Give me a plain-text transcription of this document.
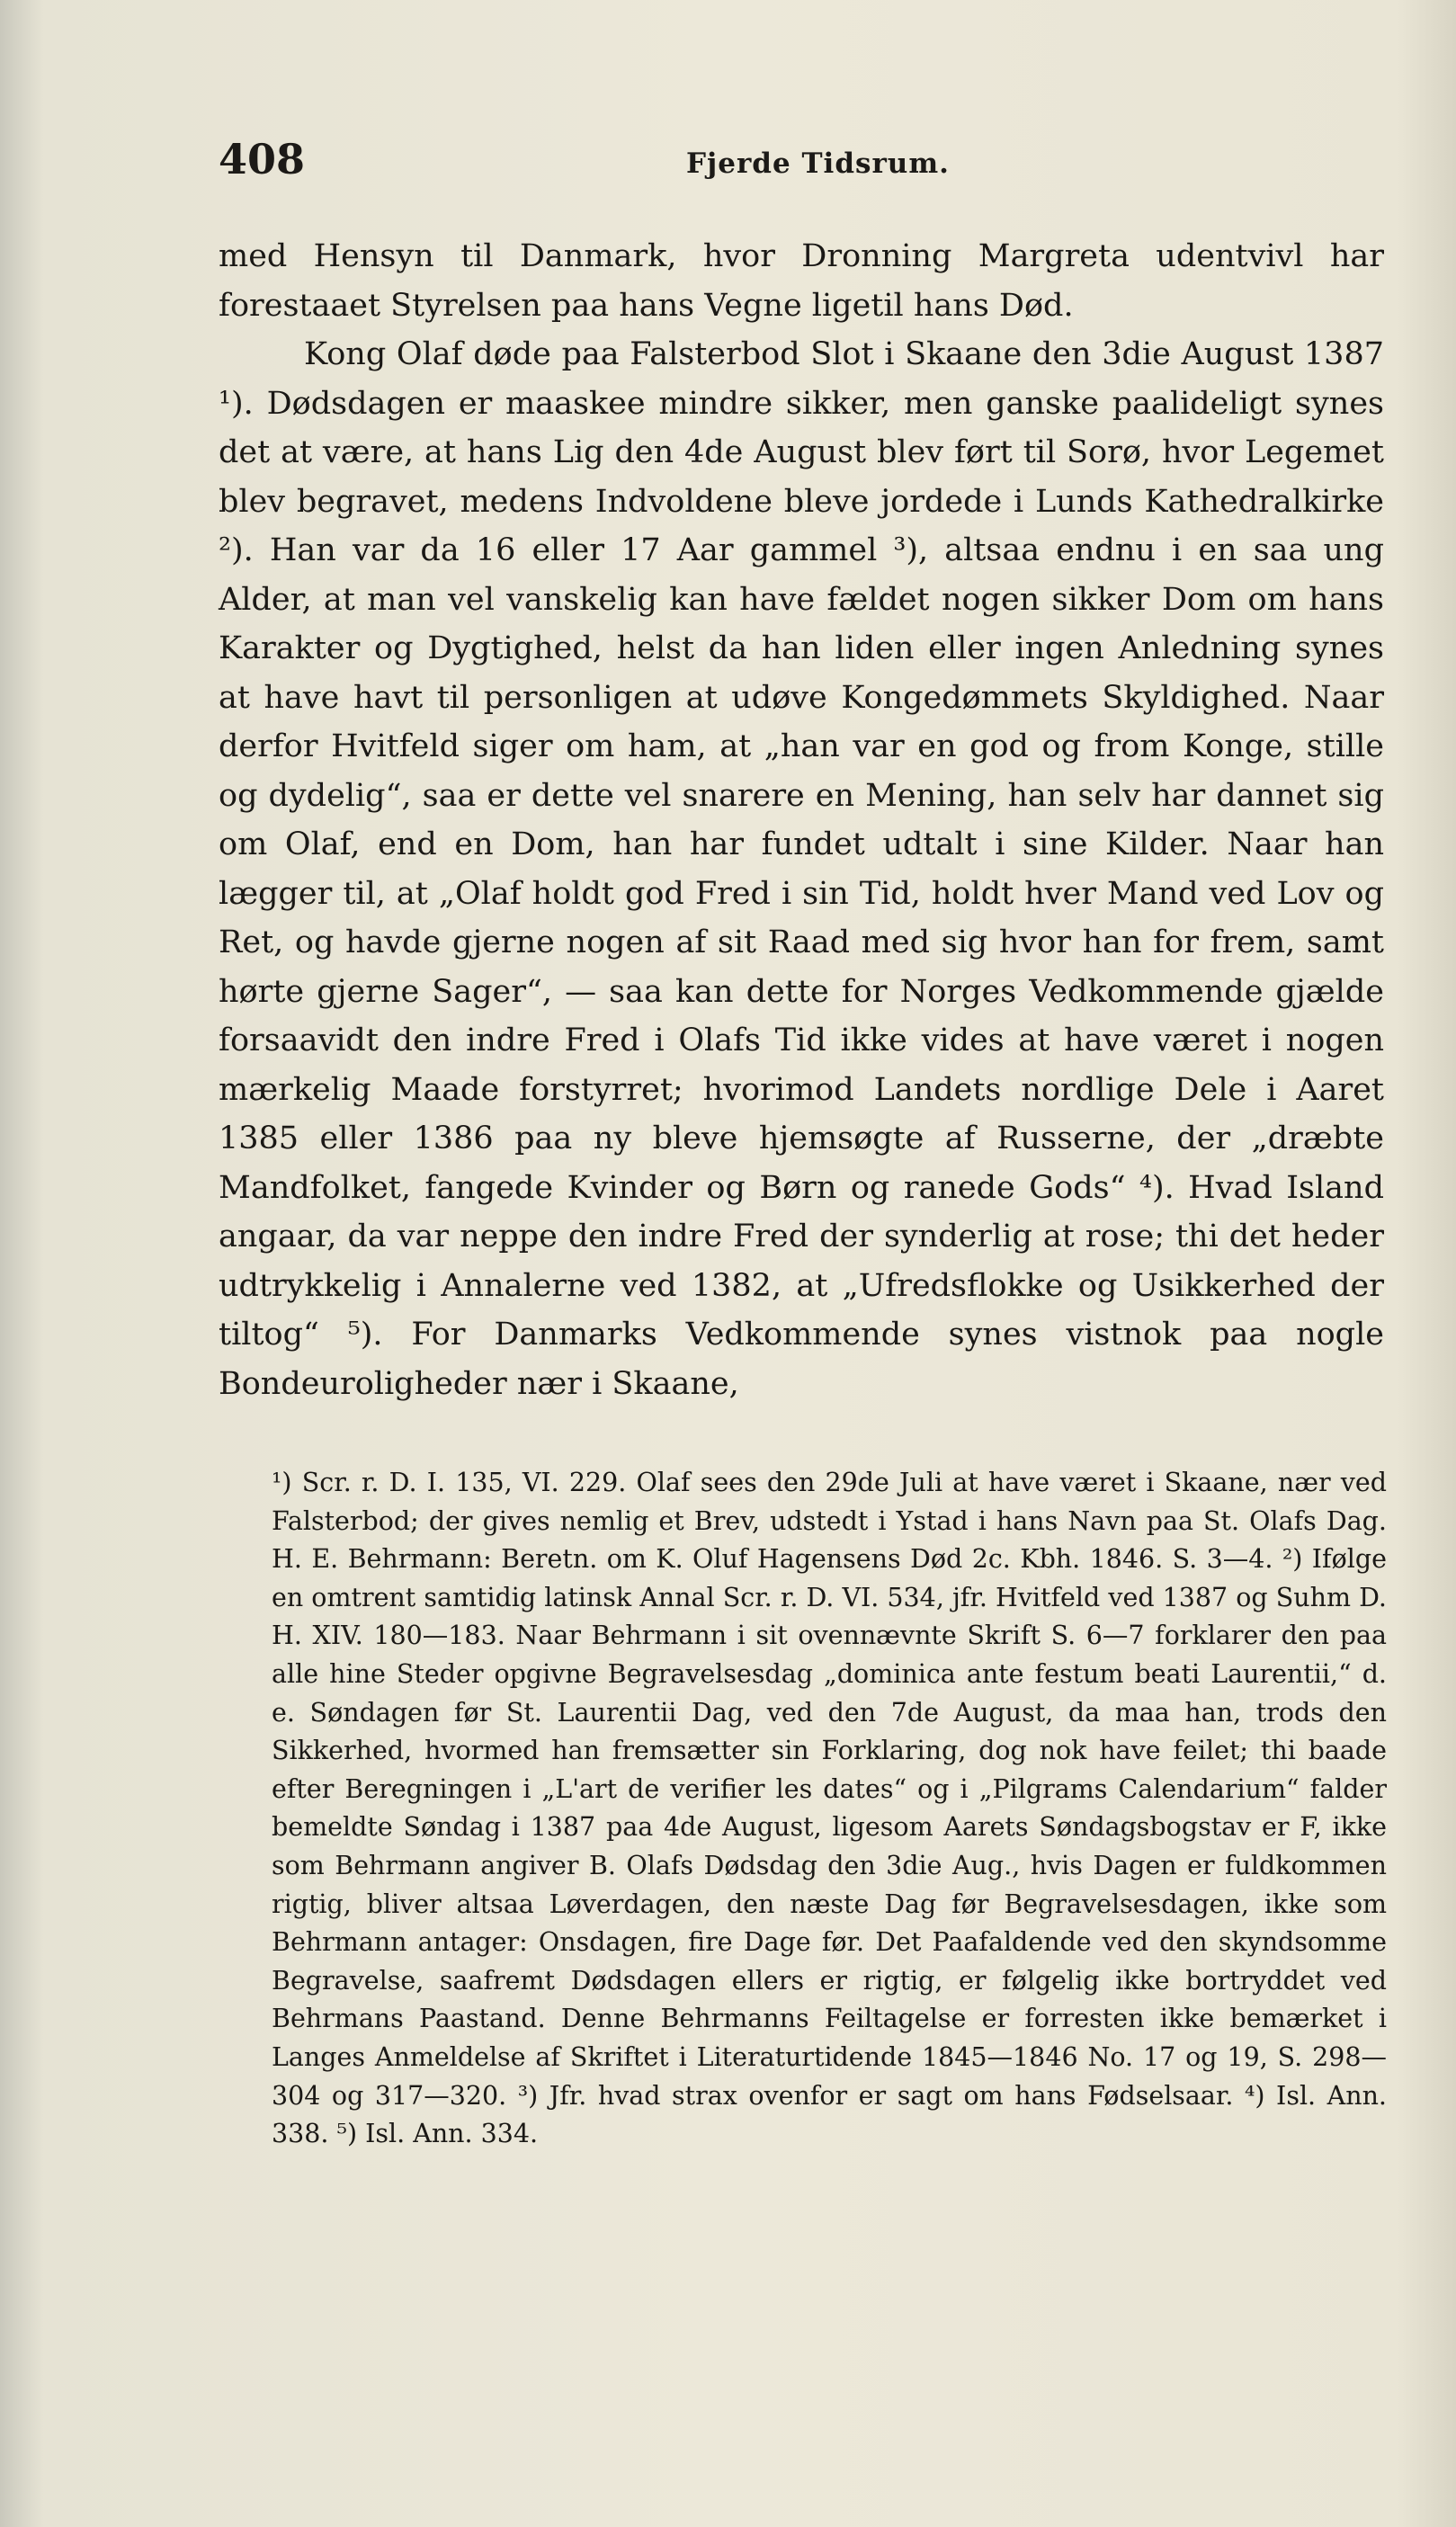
408	Fjerde Tidsrum.

med Hensyn til Danmark, hvor Dronning Margreta udentvivl har forestaaet Styrelsen paa hans Vegne ligetil hans Død.

Kong Olaf døde paa Falsterbod Slot i Skaane den 3die August 1387 ¹). Dødsdagen er maaskee mindre sikker, men ganske paalideligt synes det at være, at hans Lig den 4de August blev ført til Sorø, hvor Legemet blev begravet, medens Indvoldene bleve jordede i Lunds Kathedralkirke ²). Han var da 16 eller 17 Aar gammel ³), altsaa endnu i en saa ung Alder, at man vel vanskelig kan have fældet nogen sikker Dom om hans Karakter og Dygtighed, helst da han liden eller ingen Anledning synes at have havt til personligen at udøve Kongedømmets Skyldighed. Naar derfor Hvitfeld siger om ham, at „han var en god og from Konge, stille og dydelig“, saa er dette vel snarere en Mening, han selv har dannet sig om Olaf, end en Dom, han har fundet udtalt i sine Kilder. Naar han lægger til, at „Olaf holdt god Fred i sin Tid, holdt hver Mand ved Lov og Ret, og havde gjerne nogen af sit Raad med sig hvor han for frem, samt hørte gjerne Sager“, — saa kan dette for Norges Vedkommende gjælde forsaavidt den indre Fred i Olafs Tid ikke vides at have været i nogen mærkelig Maade forstyrret; hvorimod Landets nordlige Dele i Aaret 1385 eller 1386 paa ny bleve hjemsøgte af Russerne, der „dræbte Mandfolket, fangede Kvinder og Børn og ranede Gods“ ⁴). Hvad Island angaar, da var neppe den indre Fred der synderlig at rose; thi det heder udtrykkelig i Annalerne ved 1382, at „Ufredsflokke og Usikkerhed der tiltog“ ⁵). For Danmarks Vedkommende synes vistnok paa nogle Bondeuroligheder nær i Skaane,

¹) Scr. r. D. I. 135, VI. 229. Olaf sees den 29de Juli at have været i Skaane, nær ved Falsterbod; der gives nemlig et Brev, udstedt i Ystad i hans Navn paa St. Olafs Dag. H. E. Behrmann: Beretn. om K. Oluf Hagensens Død 2c. Kbh. 1846. S. 3—4. ²) Ifølge en omtrent samtidig latinsk Annal Scr. r. D. VI. 534, jfr. Hvitfeld ved 1387 og Suhm D. H. XIV. 180—183. Naar Behrmann i sit ovennævnte Skrift S. 6—7 forklarer den paa alle hine Steder opgivne Begravelsesdag „dominica ante festum beati Laurentii,“ d. e. Søndagen før St. Laurentii Dag, ved den 7de August, da maa han, trods den Sikkerhed, hvormed han fremsætter sin Forklaring, dog nok have feilet; thi baade efter Beregningen i „L'art de verifier les dates“ og i „Pilgrams Calendarium“ falder bemeldte Søndag i 1387 paa 4de August, ligesom Aarets Søndagsbogstav er F, ikke som Behrmann angiver B. Olafs Dødsdag den 3die Aug., hvis Dagen er fuldkommen rigtig, bliver altsaa Løverdagen, den næste Dag før Begravelsesdagen, ikke som Behrmann antager: Onsdagen, fire Dage før. Det Paafaldende ved den skyndsomme Begravelse, saafremt Dødsdagen ellers er rigtig, er følgelig ikke bortryddet ved Behrmans Paastand. Denne Behrmanns Feiltagelse er forresten ikke bemærket i Langes Anmeldelse af Skriftet i Literaturtidende 1845—1846 No. 17 og 19, S. 298—304 og 317—320. ³) Jfr. hvad strax ovenfor er sagt om hans Fødselsaar. ⁴) Isl. Ann. 338. ⁵) Isl. Ann. 334.
